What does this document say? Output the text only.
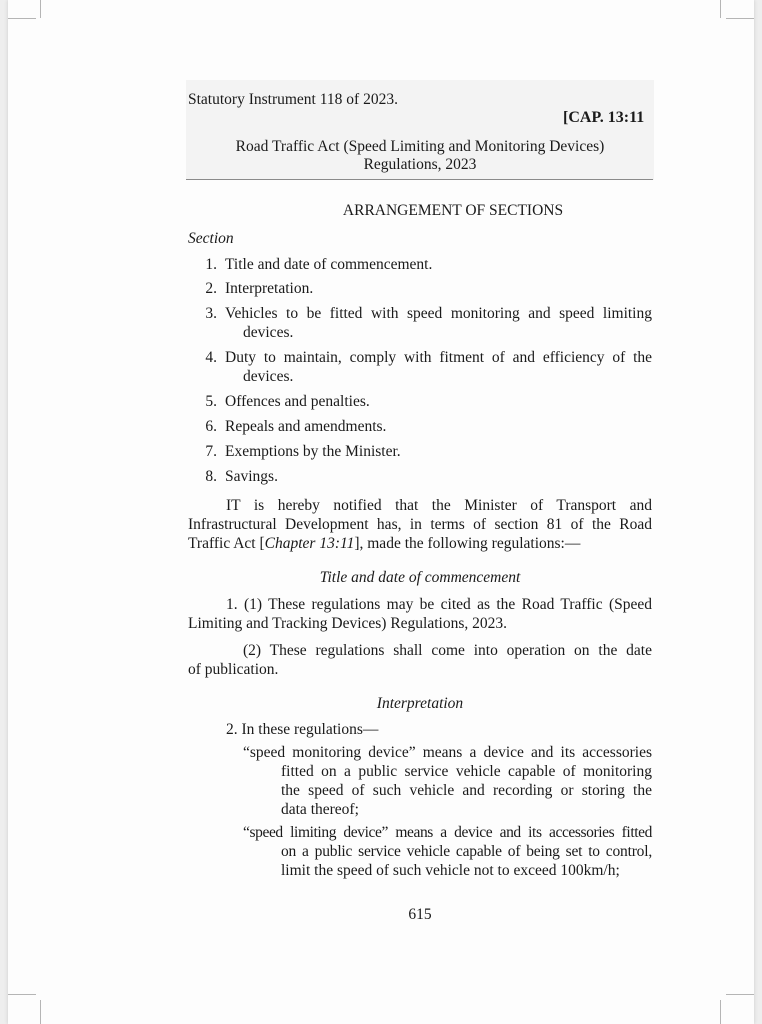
Statutory Instrument 118 of 2023.
[CAP. 13:11
Road Traffic Act (Speed Limiting and Monitoring Devices)
Regulations, 2023
ARRANGEMENT OF SECTIONS
Section
1. Title and date of commencement.
2. Interpretation.
3. Vehicles to be fitted with speed monitoring and speed limiting
devices.
4. Duty to maintain, comply with fitment of and efficiency of the
devices.
5. Offences and penalties.
6. Repeals and amendments.
7. Exemptions by the Minister.
8. Savings.
IT is hereby notified that the Minister of Transport and
Infrastructural Development has, in terms of section 81 of the Road
Traffic Act [Chapter 13:11], made the following regulations:—
Title and date of commencement
1. (1) These regulations may be cited as the Road Traffic (Speed
Limiting and Tracking Devices) Regulations, 2023.
(2) These regulations shall come into operation on the date
of publication.
Interpretation
2. In these regulations—
“speed monitoring device” means a device and its accessories
fitted on a public service vehicle capable of monitoring
the speed of such vehicle and recording or storing the
data thereof;
“speed limiting device” means a device and its accessories fitted
on a public service vehicle capable of being set to control,
limit the speed of such vehicle not to exceed 100km/h;
615
